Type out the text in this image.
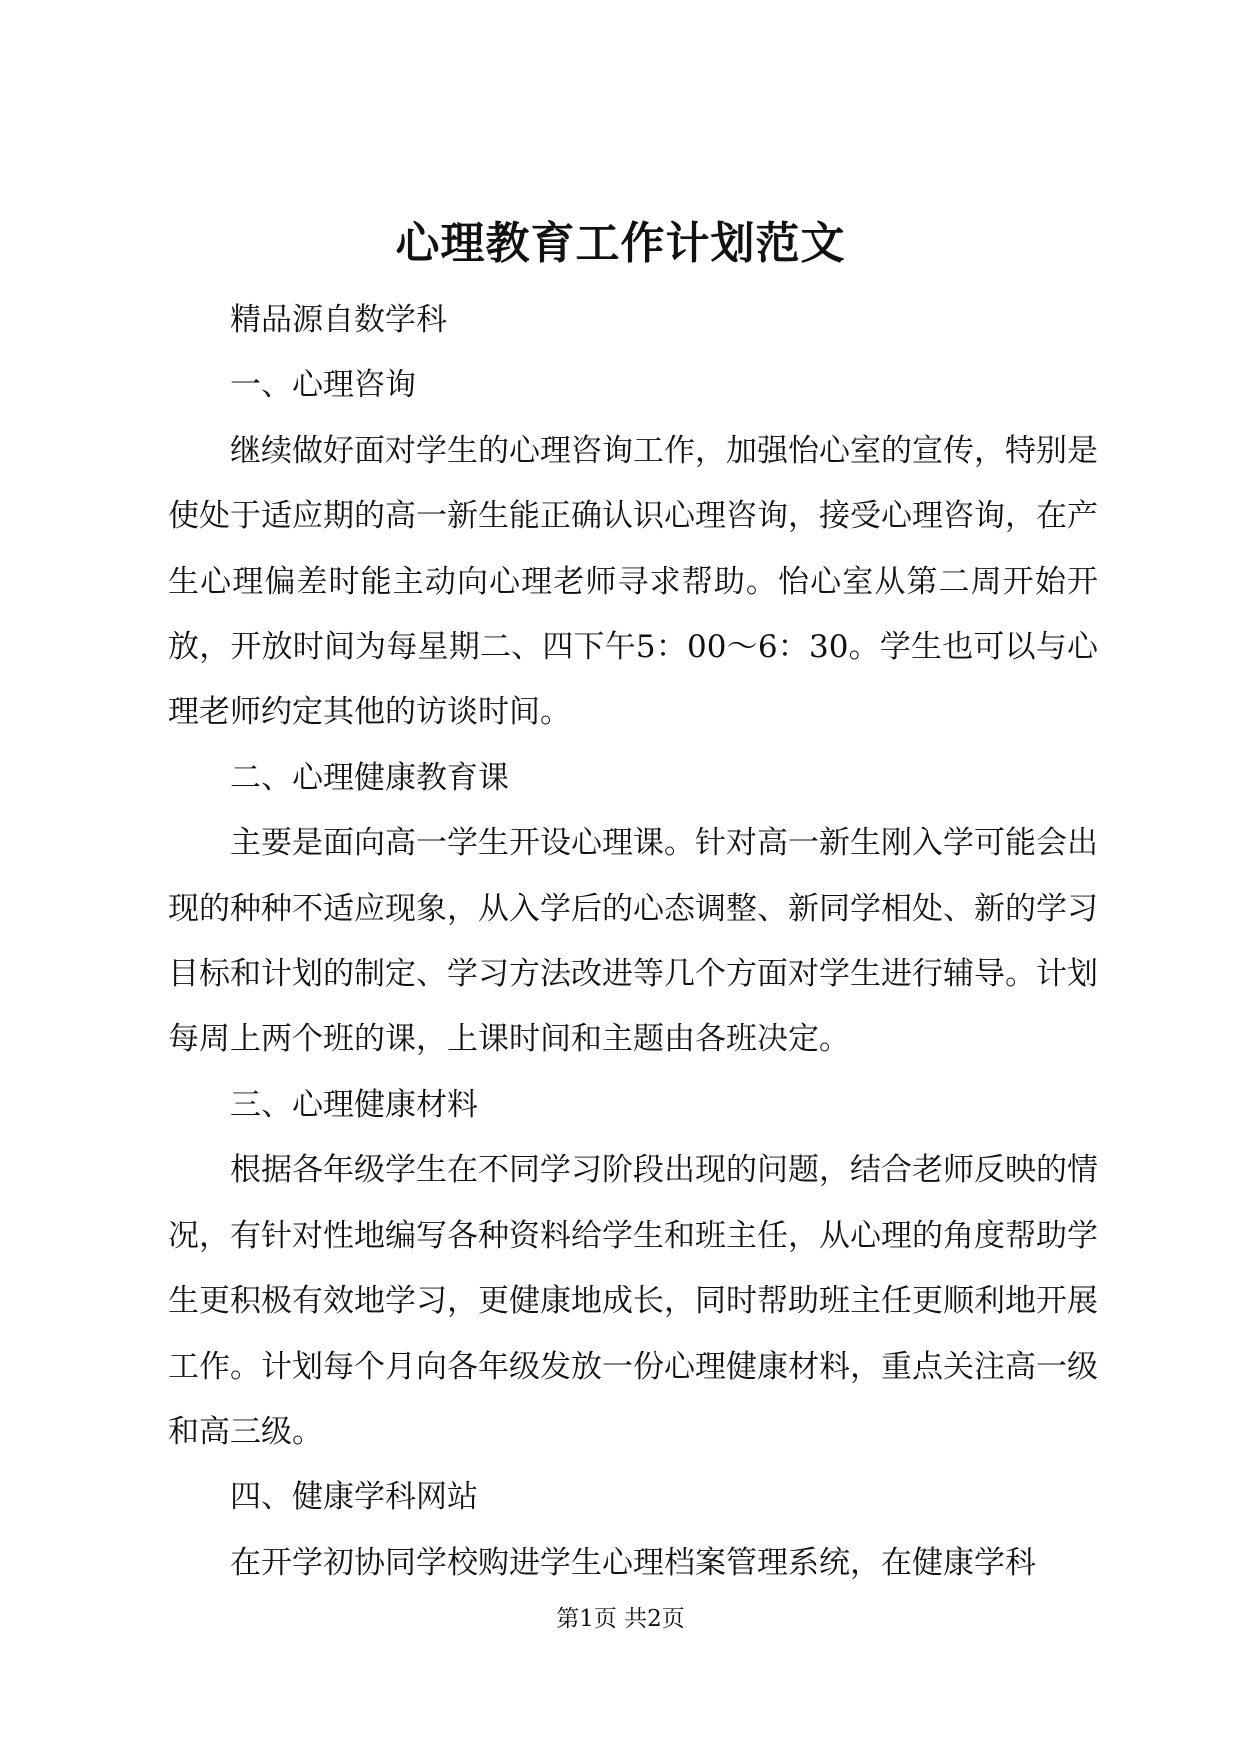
心理教育工作计划范文

精品源自数学科

一、心理咨询

继续做好面对学生的心理咨询工作，加强怡心室的宣传，特别是使处于适应期的高一新生能正确认识心理咨询，接受心理咨询，在产生心理偏差时能主动向心理老师寻求帮助。怡心室从第二周开始开放，开放时间为每星期二、四下午5：00～6：30。学生也可以与心理老师约定其他的访谈时间。

二、心理健康教育课

主要是面向高一学生开设心理课。针对高一新生刚入学可能会出现的种种不适应现象，从入学后的心态调整、新同学相处、新的学习目标和计划的制定、学习方法改进等几个方面对学生进行辅导。计划每周上两个班的课，上课时间和主题由各班决定。

三、心理健康材料

根据各年级学生在不同学习阶段出现的问题，结合老师反映的情况，有针对性地编写各种资料给学生和班主任，从心理的角度帮助学生更积极有效地学习，更健康地成长，同时帮助班主任更顺利地开展工作。计划每个月向各年级发放一份心理健康材料，重点关注高一级和高三级。

四、健康学科网站

在开学初协同学校购进学生心理档案管理系统，在健康学科

第1页 共2页
